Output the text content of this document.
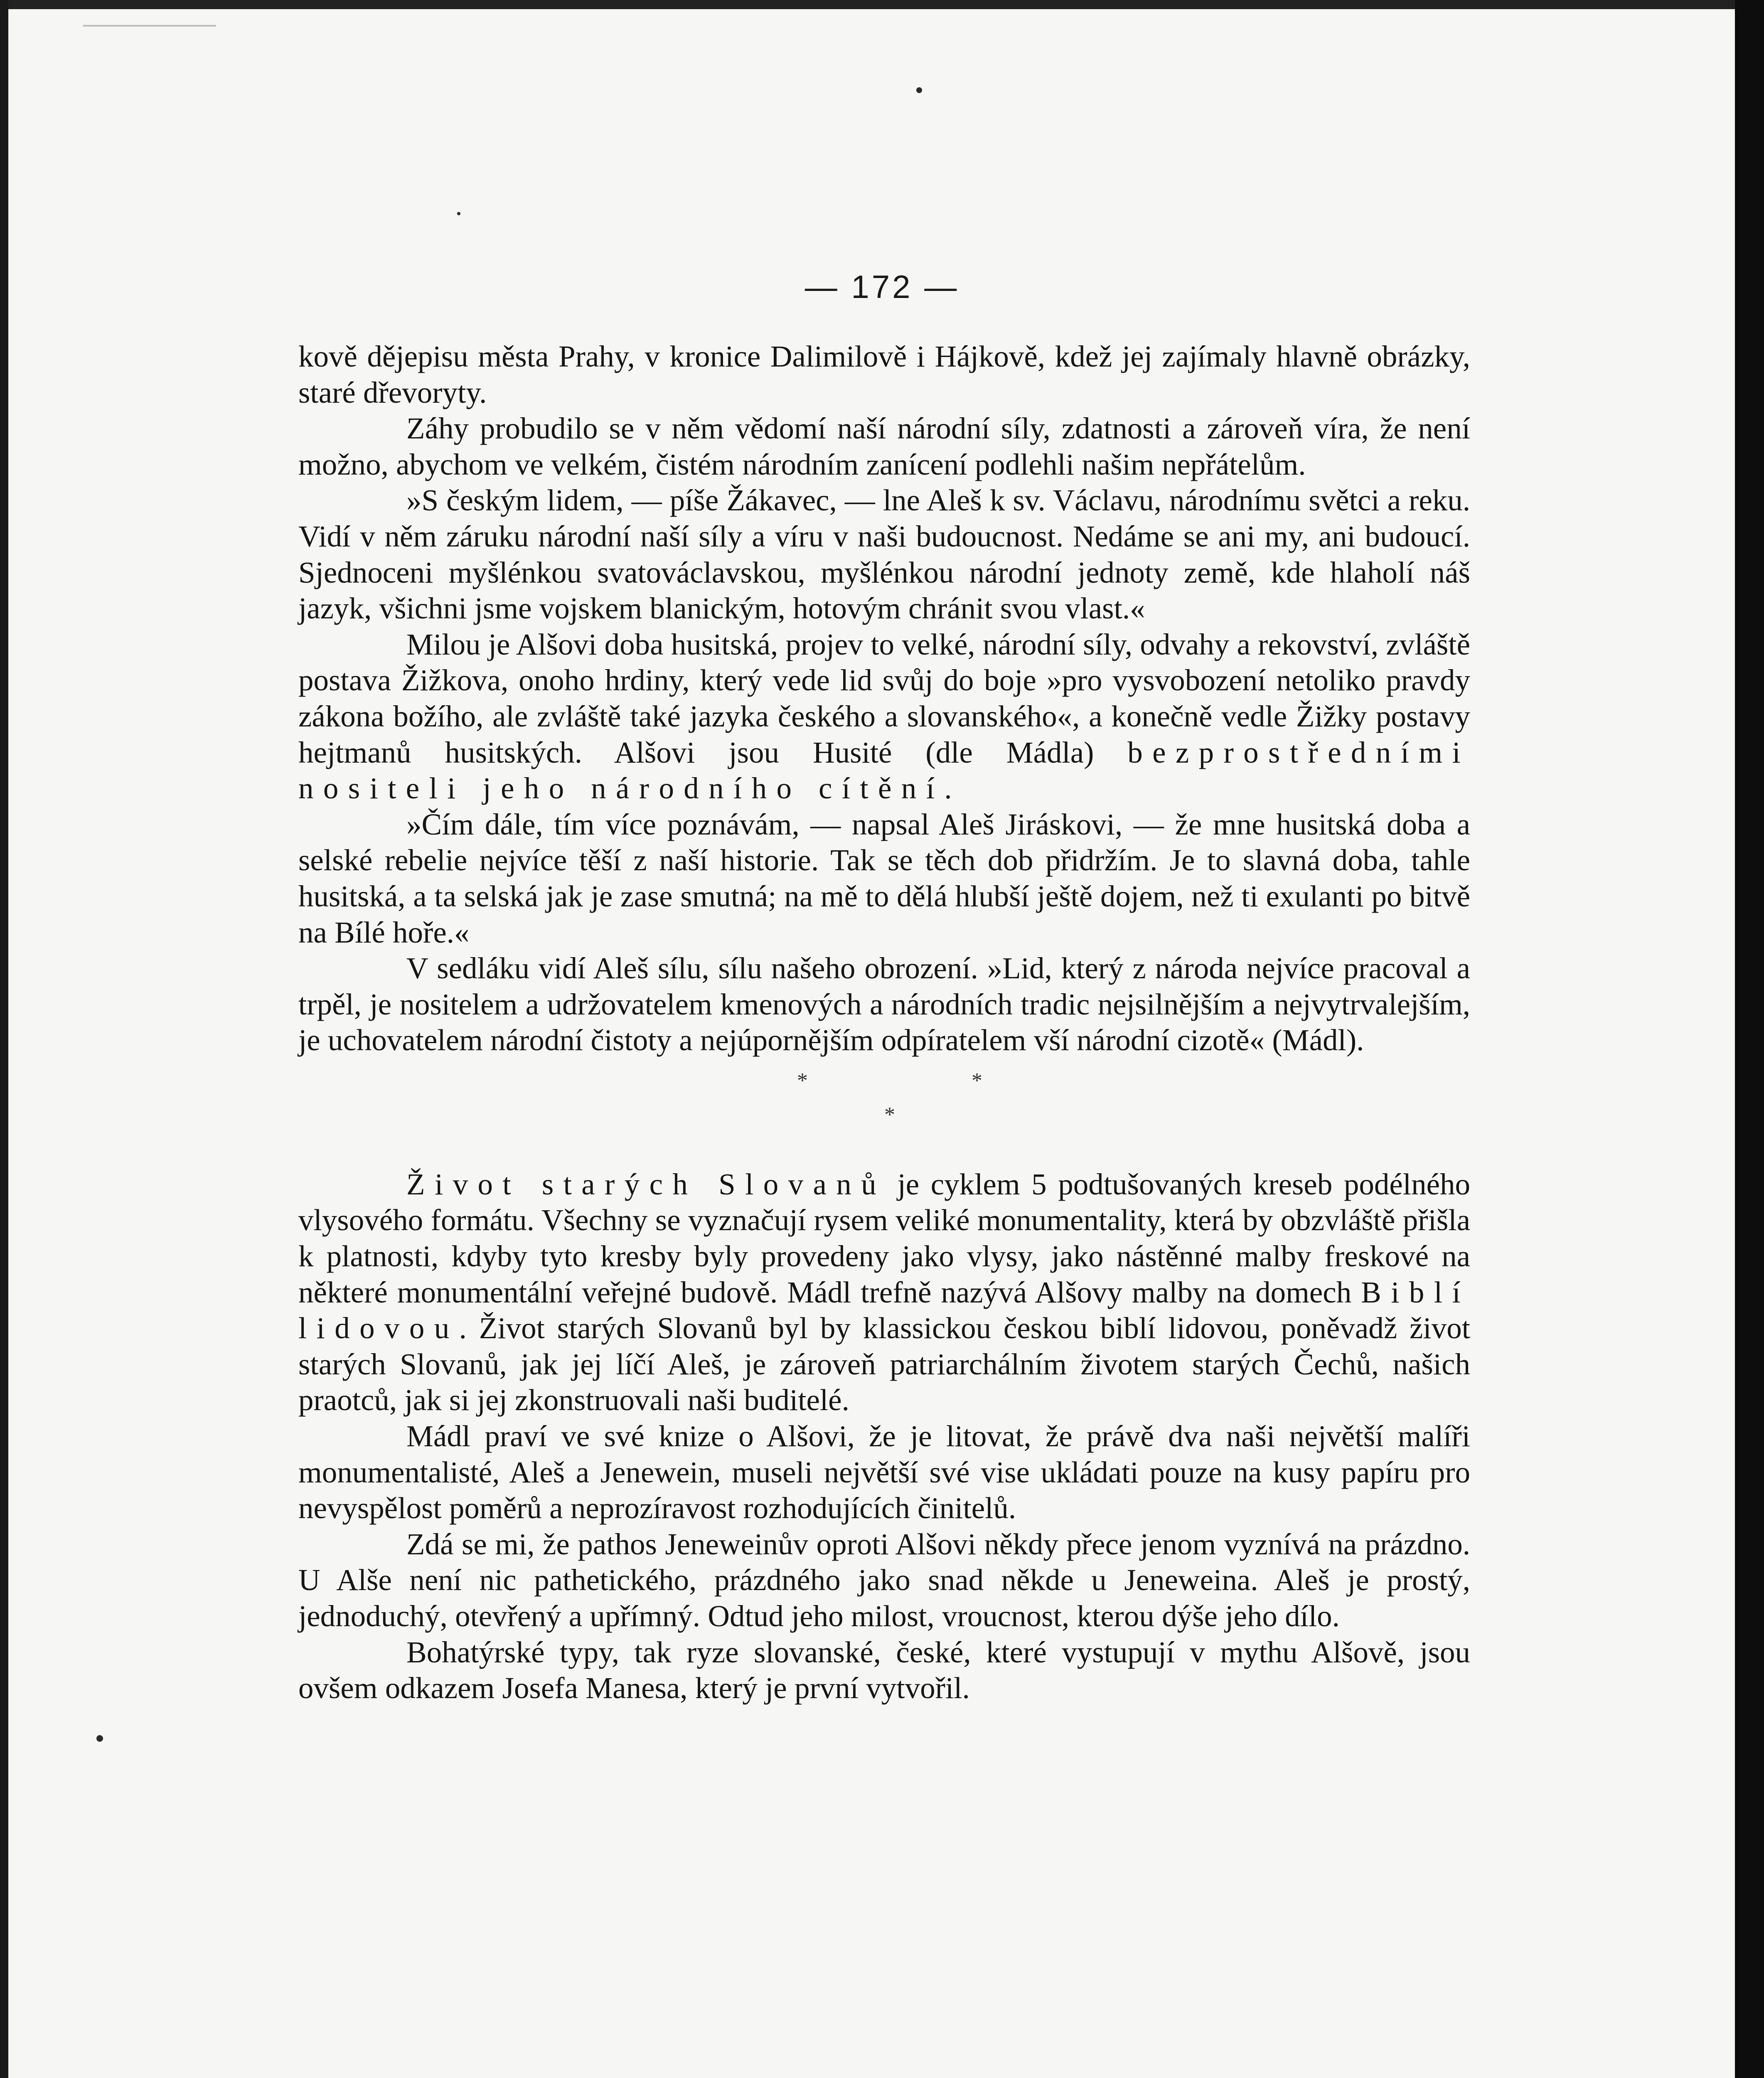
— 172 —

kově dějepisu města Prahy, v kronice Dalimilově i Hájkově, kdež jej zajímaly hlavně obrázky, staré dřevoryty.

Záhy probudilo se v něm vědomí naší národní síly, zdatnosti a zároveň víra, že není možno, abychom ve velkém, čistém národním zanícení podlehli našim nepřátelům.

»S českým lidem, — píše Žákavec, — lne Aleš k sv. Václavu, národnímu světci a reku. Vidí v něm záruku národní naší síly a víru v naši budoucnost. Nedáme se ani my, ani budoucí. Sjednoceni myšlénkou svatováclavskou, myšlénkou národní jednoty země, kde hlaholí náš jazyk, všichni jsme vojskem blanickým, hotovým chránit svou vlast.«

Milou je Alšovi doba husitská, projev to velké, národní síly, odvahy a rekovství, zvláště postava Žižkova, onoho hrdiny, který vede lid svůj do boje »pro vysvobození netoliko pravdy zákona božího, ale zvláště také jazyka českého a slovanského«, a konečně vedle Žižky postavy hejtmanů husitských. Alšovi jsou Husité (dle Mádla) bezprostředními nositeli jeho národního cítění.

»Čím dále, tím více poznávám, — napsal Aleš Jiráskovi, — že mne husitská doba a selské rebelie nejvíce těší z naší historie. Tak se těch dob přidržím. Je to slavná doba, tahle husitská, a ta selská jak je zase smutná; na mě to dělá hlubší ještě dojem, než ti exulanti po bitvě na Bílé hoře.«

V sedláku vidí Aleš sílu, sílu našeho obrození. »Lid, který z národa nejvíce pracoval a trpěl, je nositelem a udržovatelem kmenových a národních tradic nejsilnějším a nejvytrvalejším, je uchovatelem národní čistoty a nejúpornějším odpíratelem vší národní cizotě« (Mádl).

*	*
*

Život starých Slovanů je cyklem 5 podtušovaných kreseb podélného vlysového formátu. Všechny se vyznačují rysem veliké monumentality, která by obzvláště přišla k platnosti, kdyby tyto kresby byly provedeny jako vlysy, jako nástěnné malby freskové na některé monumentální veřejné budově. Mádl trefně nazývá Alšovy malby na domech Biblí lidovou. Život starých Slovanů byl by klassickou českou biblí lidovou, poněvadž život starých Slovanů, jak jej líčí Aleš, je zároveň patriarchálním životem starých Čechů, našich praotců, jak si jej zkonstruovali naši buditelé.

Mádl praví ve své knize o Alšovi, že je litovat, že právě dva naši největší malíři monumentalisté, Aleš a Jenewein, museli největší své vise ukládati pouze na kusy papíru pro nevyspělost poměrů a neprozíravost rozhodujících činitelů.

Zdá se mi, že pathos Jeneweinův oproti Alšovi někdy přece jenom vyznívá na prázdno. U Alše není nic pathetického, prázdného jako snad někde u Jeneweina. Aleš je prostý, jednoduchý, otevřený a upřímný. Odtud jeho milost, vroucnost, kterou dýše jeho dílo.

Bohatýrské typy, tak ryze slovanské, české, které vystupují v mythu Alšově, jsou ovšem odkazem Josefa Manesa, který je první vytvořil.
